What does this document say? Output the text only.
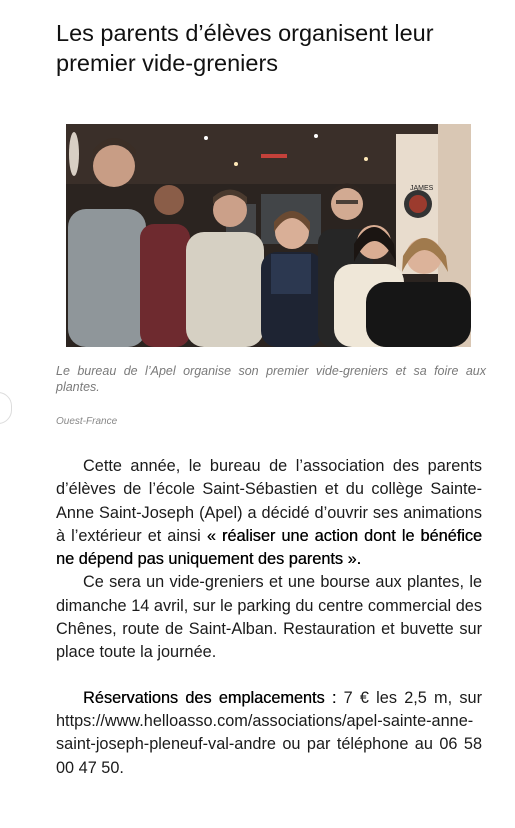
Les parents d’élèves organisent leur premier vide-greniers
JAMES
Le bureau de l’Apel organise son premier vide-greniers et sa foire aux plantes.
Ouest-France

Cette année, le bureau de l’association des parents d’élèves de l’école Saint-Sébastien et du collège Sainte-Anne Saint-Joseph (Apel) a décidé d’ouvrir ses animations à l’extérieur et ainsi « réaliser une action dont le bénéfice ne dépend pas uniquement des parents ».

Ce sera un vide-greniers et une bourse aux plantes, le dimanche 14 avril, sur le parking du centre commercial des Chênes, route de Saint-Alban. Restauration et buvette sur place toute la journée.

Réservations des emplacements : 7 € les 2,5 m, sur https://www.helloasso.com/associations/apel-sainte-anne-saint-joseph-pleneuf-val-andre ou par téléphone au 06 58 00 47 50.
